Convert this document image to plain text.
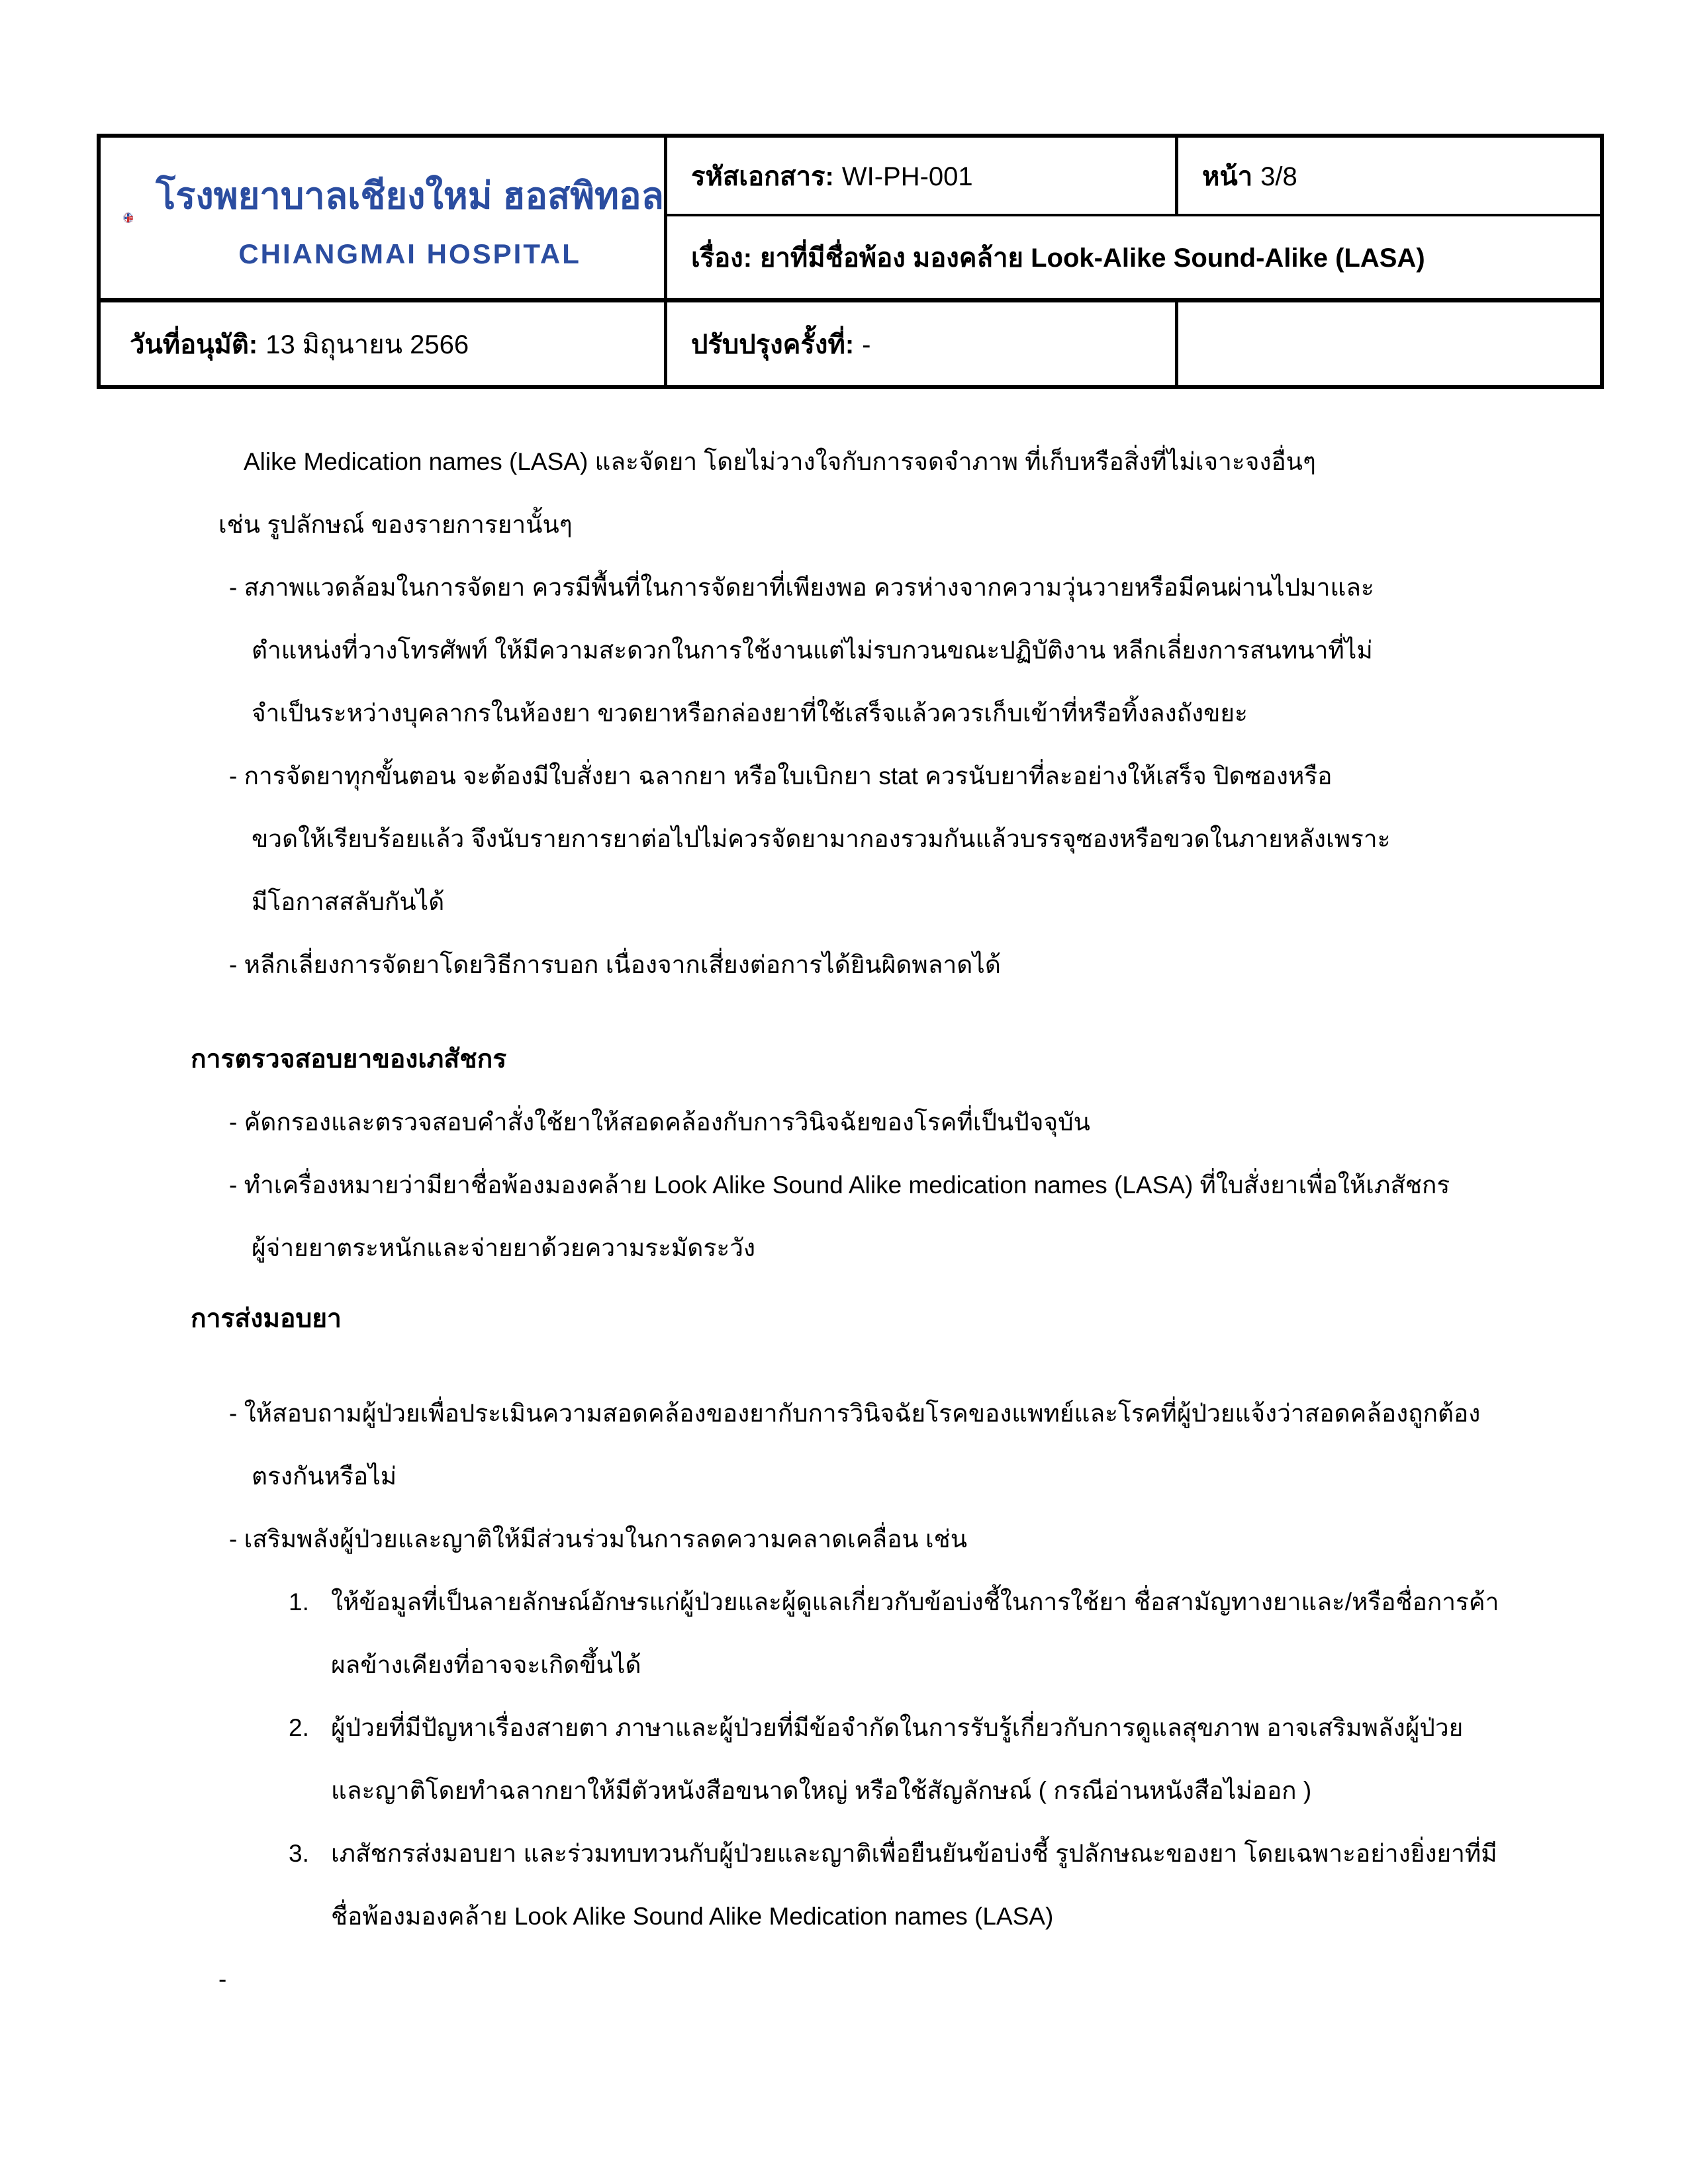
CH
CHIANGMAI
HOSPITAL
โรงพยาบาลเชียงใหม่ ฮอสพิทอล
CHIANGMAI HOSPITAL
รหัสเอกสาร: WI-PH-001	หน้า 3/8
เรื่อง: ยาที่มีชื่อพ้อง มองคล้าย Look-Alike Sound-Alike (LASA)
วันที่อนุมัติ: 13 มิถุนายน 2566	ปรับปรุงครั้งที่: -
Alike Medication names (LASA) และจัดยา โดยไม่วางใจกับการจดจำภาพ ที่เก็บหรือสิ่งที่ไม่เจาะจงอื่นๆ
เช่น รูปลักษณ์ ของรายการยานั้นๆ
- สภาพแวดล้อมในการจัดยา ควรมีพื้นที่ในการจัดยาที่เพียงพอ ควรห่างจากความวุ่นวายหรือมีคนผ่านไปมาและ
ตำแหน่งที่วางโทรศัพท์ ให้มีความสะดวกในการใช้งานแต่ไม่รบกวนขณะปฏิบัติงาน หลีกเลี่ยงการสนทนาที่ไม่
จำเป็นระหว่างบุคลากรในห้องยา ขวดยาหรือกล่องยาที่ใช้เสร็จแล้วควรเก็บเข้าที่หรือทิ้งลงถังขยะ
- การจัดยาทุกขั้นตอน จะต้องมีใบสั่งยา ฉลากยา หรือใบเบิกยา stat ควรนับยาที่ละอย่างให้เสร็จ ปิดซองหรือ
ขวดให้เรียบร้อยแล้ว จึงนับรายการยาต่อไปไม่ควรจัดยามากองรวมกันแล้วบรรจุซองหรือขวดในภายหลังเพราะ
มีโอกาสสลับกันได้
- หลีกเลี่ยงการจัดยาโดยวิธีการบอก เนื่องจากเสี่ยงต่อการได้ยินผิดพลาดได้
การตรวจสอบยาของเภสัชกร
- คัดกรองและตรวจสอบคำสั่งใช้ยาให้สอดคล้องกับการวินิจฉัยของโรคที่เป็นปัจจุบัน
- ทำเครื่องหมายว่ามียาชื่อพ้องมองคล้าย Look Alike Sound Alike medication names (LASA) ที่ใบสั่งยาเพื่อให้เภสัชกร
ผู้จ่ายยาตระหนักและจ่ายยาด้วยความระมัดระวัง
การส่งมอบยา
- ให้สอบถามผู้ป่วยเพื่อประเมินความสอดคล้องของยากับการวินิจฉัยโรคของแพทย์และโรคที่ผู้ป่วยแจ้งว่าสอดคล้องถูกต้อง
ตรงกันหรือไม่
- เสริมพลังผู้ป่วยและญาติให้มีส่วนร่วมในการลดความคลาดเคลื่อน เช่น
1. ให้ข้อมูลที่เป็นลายลักษณ์อักษรแก่ผู้ป่วยและผู้ดูแลเกี่ยวกับข้อบ่งชี้ในการใช้ยา ชื่อสามัญทางยาและ/หรือชื่อการค้า
ผลข้างเคียงที่อาจจะเกิดขึ้นได้
2. ผู้ป่วยที่มีปัญหาเรื่องสายตา ภาษาและผู้ป่วยที่มีข้อจำกัดในการรับรู้เกี่ยวกับการดูแลสุขภาพ อาจเสริมพลังผู้ป่วย
และญาติโดยทำฉลากยาให้มีตัวหนังสือขนาดใหญ่ หรือใช้สัญลักษณ์ ( กรณีอ่านหนังสือไม่ออก )
3. เภสัชกรส่งมอบยา และร่วมทบทวนกับผู้ป่วยและญาติเพื่อยืนยันข้อบ่งชี้ รูปลักษณะของยา โดยเฉพาะอย่างยิ่งยาที่มี
ชื่อพ้องมองคล้าย Look Alike Sound Alike Medication names (LASA)
-
